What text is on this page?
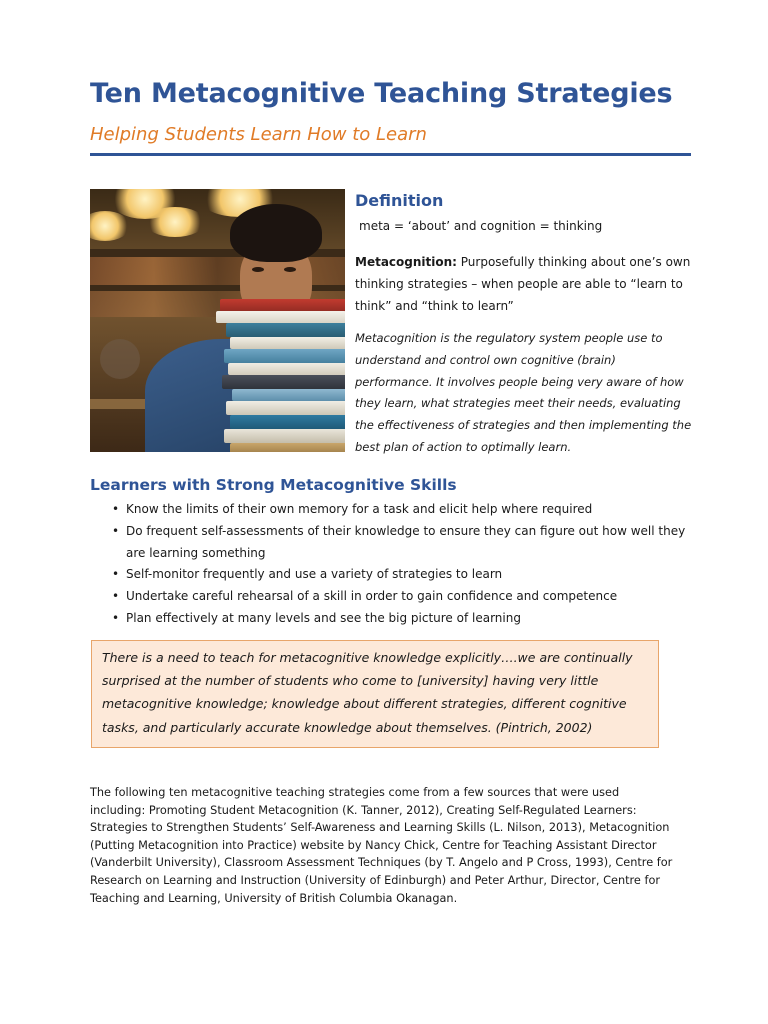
Ten Metacognitive Teaching Strategies
Helping Students Learn How to Learn
Definition
meta = ‘about’ and cognition = thinking
Metacognition: Purposefully thinking about one’s own thinking strategies – when people are able to “learn to think” and “think to learn”
Metacognition is the regulatory system people use to understand and control own cognitive (brain) performance. It involves people being very aware of how they learn, what strategies meet their needs, evaluating the effectiveness of strategies and then implementing the best plan of action to optimally learn.
Learners with Strong Metacognitive Skills
• Know the limits of their own memory for a task and elicit help where required
• Do frequent self-assessments of their knowledge to ensure they can figure out how well they are learning something
• Self-monitor frequently and use a variety of strategies to learn
• Undertake careful rehearsal of a skill in order to gain confidence and competence
• Plan effectively at many levels and see the big picture of learning
There is a need to teach for metacognitive knowledge explicitly….we are continually surprised at the number of students who come to [university] having very little metacognitive knowledge; knowledge about different strategies, different cognitive tasks, and particularly accurate knowledge about themselves. (Pintrich, 2002)
The following ten metacognitive teaching strategies come from a few sources that were used including: Promoting Student Metacognition (K. Tanner, 2012), Creating Self-Regulated Learners: Strategies to Strengthen Students’ Self-Awareness and Learning Skills (L. Nilson, 2013), Metacognition (Putting Metacognition into Practice) website by Nancy Chick, Centre for Teaching Assistant Director (Vanderbilt University), Classroom Assessment Techniques (by T. Angelo and P Cross, 1993), Centre for Research on Learning and Instruction (University of Edinburgh) and Peter Arthur, Director, Centre for Teaching and Learning, University of British Columbia Okanagan.
